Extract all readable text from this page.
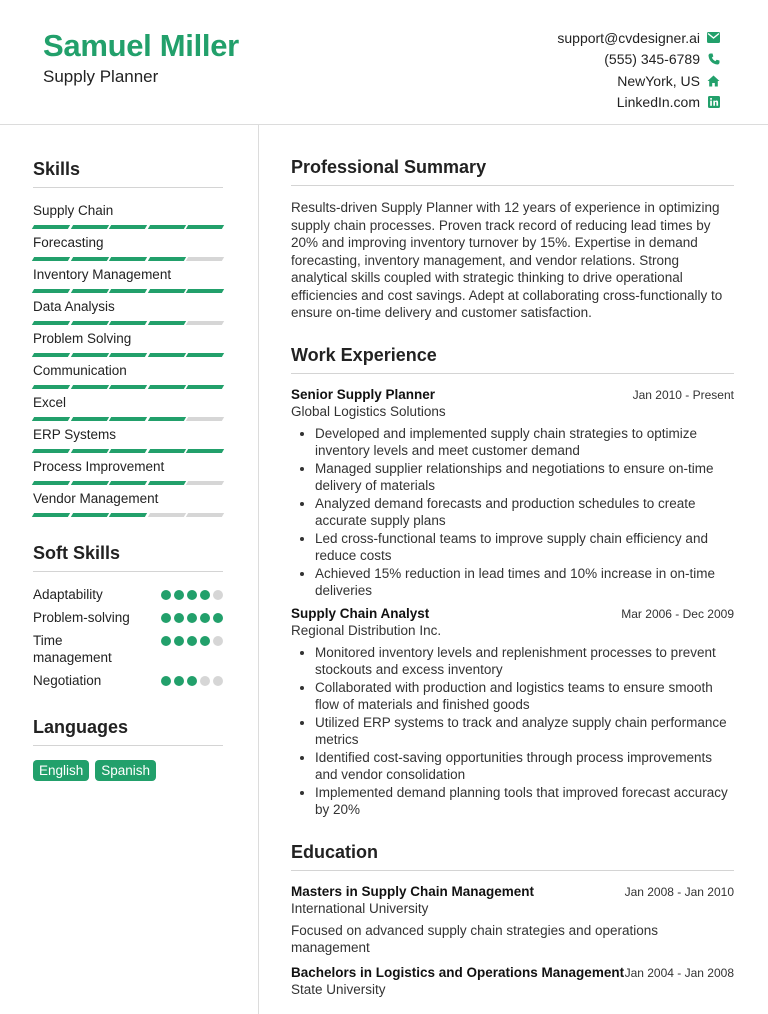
Samuel Miller
Supply Planner
support@cvdesigner.ai
(555) 345-6789
NewYork, US
LinkedIn.com
Skills
Supply Chain
Forecasting
Inventory Management
Data Analysis
Problem Solving
Communication
Excel
ERP Systems
Process Improvement
Vendor Management
Soft Skills
Adaptability
Problem-solving
Time management
Negotiation
Languages
English	Spanish
Professional Summary
Results-driven Supply Planner with 12 years of experience in optimizing supply chain processes. Proven track record of reducing lead times by 20% and improving inventory turnover by 15%. Expertise in demand forecasting, inventory management, and vendor relations. Strong analytical skills coupled with strategic thinking to drive operational efficiencies and cost savings. Adept at collaborating cross-functionally to ensure on-time delivery and customer satisfaction.
Work Experience
Senior Supply Planner	Jan 2010 - Present
Global Logistics Solutions
• Developed and implemented supply chain strategies to optimize inventory levels and meet customer demand
• Managed supplier relationships and negotiations to ensure on-time delivery of materials
• Analyzed demand forecasts and production schedules to create accurate supply plans
• Led cross-functional teams to improve supply chain efficiency and reduce costs
• Achieved 15% reduction in lead times and 10% increase in on-time deliveries
Supply Chain Analyst	Mar 2006 - Dec 2009
Regional Distribution Inc.
• Monitored inventory levels and replenishment processes to prevent stockouts and excess inventory
• Collaborated with production and logistics teams to ensure smooth flow of materials and finished goods
• Utilized ERP systems to track and analyze supply chain performance metrics
• Identified cost-saving opportunities through process improvements and vendor consolidation
• Implemented demand planning tools that improved forecast accuracy by 20%
Education
Masters in Supply Chain Management	Jan 2008 - Jan 2010
International University
Focused on advanced supply chain strategies and operations management
Bachelors in Logistics and Operations Management Jan 2004 - Jan 2008
State University
